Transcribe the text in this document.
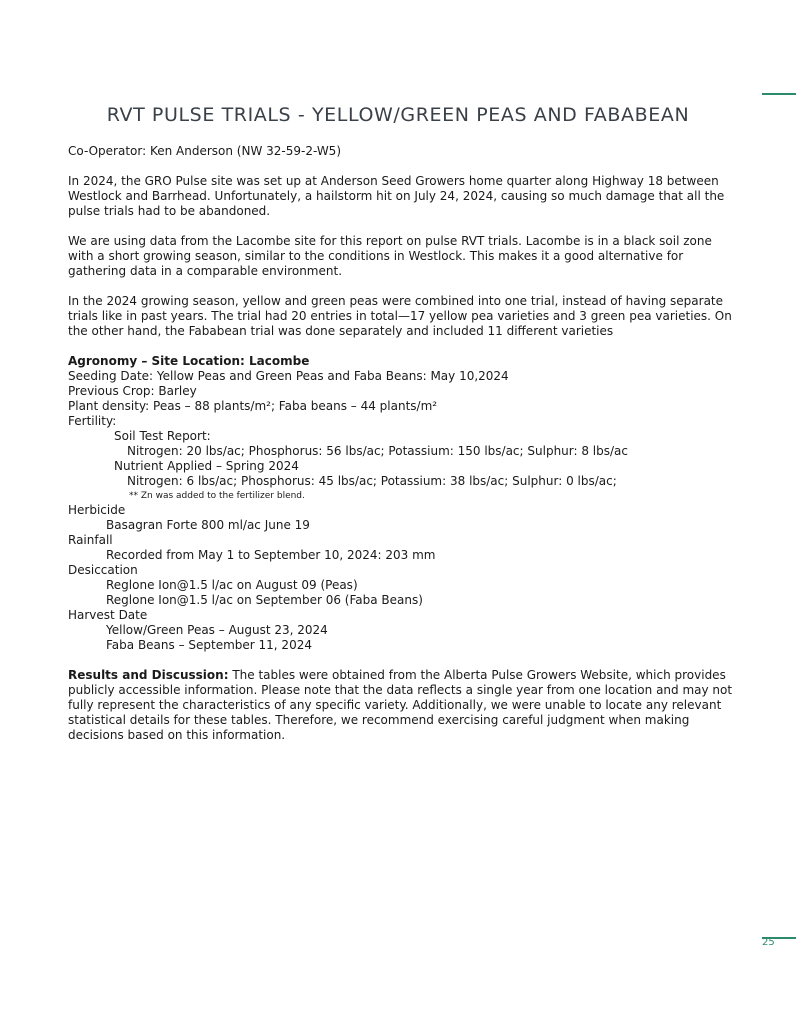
RVT PULSE TRIALS - YELLOW/GREEN PEAS AND FABABEAN

Co-Operator: Ken Anderson (NW 32-59-2-W5)

In 2024, the GRO Pulse site was set up at Anderson Seed Growers home quarter along Highway 18 between Westlock and Barrhead. Unfortunately, a hailstorm hit on July 24, 2024, causing so much damage that all the pulse trials had to be abandoned.

We are using data from the Lacombe site for this report on pulse RVT trials. Lacombe is in a black soil zone with a short growing season, similar to the conditions in Westlock. This makes it a good alternative for gathering data in a comparable environment.

In the 2024 growing season, yellow and green peas were combined into one trial, instead of having separate trials like in past years. The trial had 20 entries in total—17 yellow pea varieties and 3 green pea varieties. On the other hand, the Fababean trial was done separately and included 11 different varieties

Agronomy – Site Location: Lacombe
Seeding Date: Yellow Peas and Green Peas and Faba Beans: May 10,2024
Previous Crop: Barley
Plant density: Peas – 88 plants/m²; Faba beans – 44 plants/m²
Fertility:
Soil Test Report:
Nitrogen: 20 lbs/ac; Phosphorus: 56 lbs/ac; Potassium: 150 lbs/ac; Sulphur: 8 lbs/ac
Nutrient Applied – Spring 2024
Nitrogen: 6 lbs/ac; Phosphorus: 45 lbs/ac; Potassium: 38 lbs/ac; Sulphur: 0 lbs/ac;
** Zn was added to the fertilizer blend.
Herbicide
Basagran Forte 800 ml/ac June 19
Rainfall
Recorded from May 1 to September 10, 2024: 203 mm
Desiccation
Reglone Ion@1.5 l/ac on August 09 (Peas)
Reglone Ion@1.5 l/ac on September 06 (Faba Beans)
Harvest Date
Yellow/Green Peas – August 23, 2024
Faba Beans – September 11, 2024

Results and Discussion: The tables were obtained from the Alberta Pulse Growers Website, which provides publicly accessible information. Please note that the data reflects a single year from one location and may not fully represent the characteristics of any specific variety. Additionally, we were unable to locate any relevant statistical details for these tables. Therefore, we recommend exercising careful judgment when making decisions based on this information.

25
